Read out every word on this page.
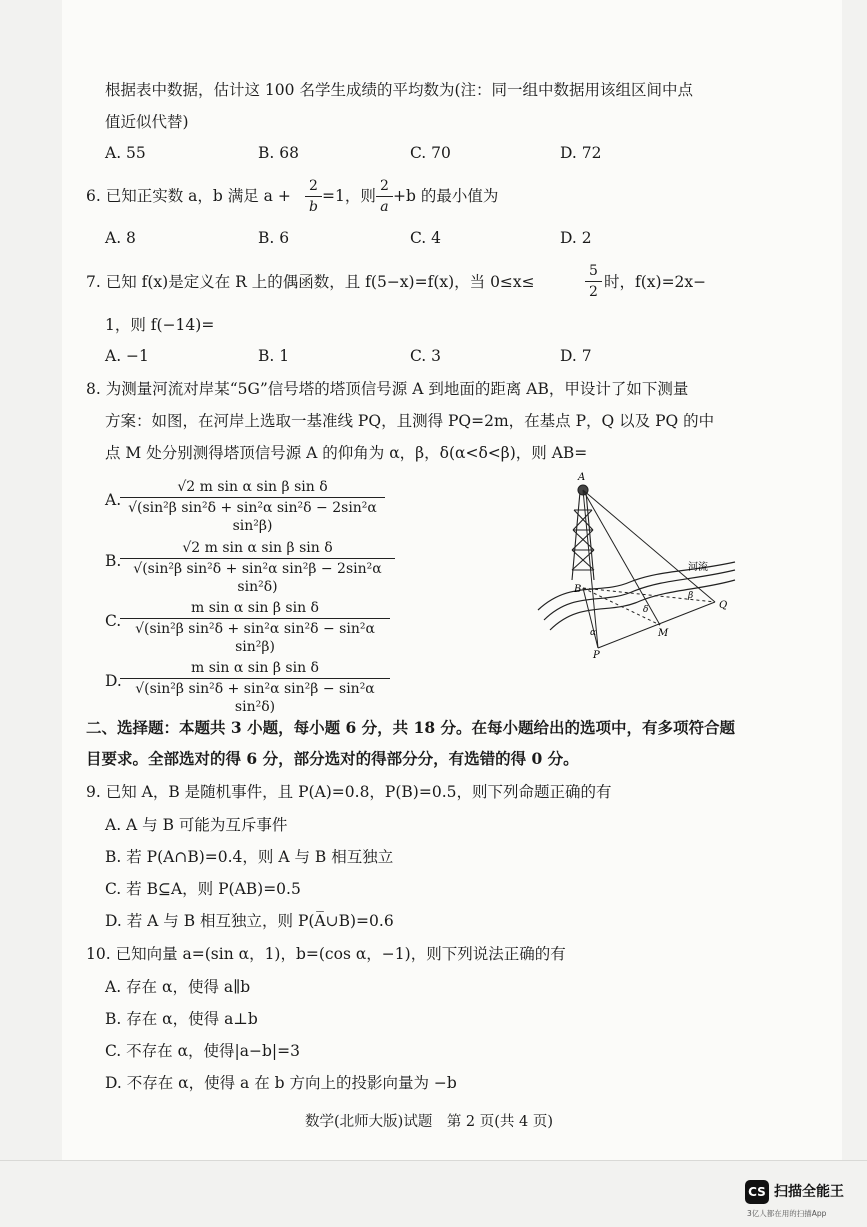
根据表中数据，估计这 100 名学生成绩的平均数为(注：同一组中数据用该组区间中点
值近似代替)
A. 55	B. 68	C. 70	D. 72
6. 已知正实数 a，b 满足 $a + \frac{2}{b} =1$，则 $\frac{2}{a} +b$ 的最小值为
A. 8	B. 6	C. 4	D. 2
7. 已知 f(x)是定义在 R 上的偶函数，且 f(5−x)=f(x)，当 0≤x≤	$\frac{5}{2}$ 时，f(x)=2x−
1，则 f(−14)=
A. −1	B. 1	C. 3	D. 7
8. 为测量河流对岸某“5G”信号塔的塔顶信号源 A 到地面的距离 AB，甲设计了如下测量
方案：如图，在河岸上选取一基准线 PQ，且测得 PQ=2m，在基点 P，Q 以及 PQ 的中
点 M 处分别测得塔顶信号源 A 的仰角为 α，β，δ(α<δ<β)，则 AB=
A.
$\frac{\text{√2 m sin α sin β sin δ}}{\text{√(sin²β sin²δ + sin²α sin²δ − 2sin²α sin²β)}}$
B.
$\frac{\text{√2 m sin α sin β sin δ}}{\text{√(sin²β sin²δ + sin²α sin²β − 2sin²α sin²δ)}}$
C.
$\frac{\text{m sin α sin β sin δ}}{\text{√(sin²β sin²δ + sin²α sin²δ − sin²α sin²β)}}$
D.
$\frac{\text{m sin α sin β sin δ}}{\text{√(sin²β sin²δ + sin²α sin²β − sin²α sin²δ)}}$
A
B
P
Q
M
河流
α
β
δ
二、选择题：本题共 3 小题，每小题 6 分，共 18 分。在每小题给出的选项中，有多项符合题
目要求。全部选对的得 6 分，部分选对的得部分分，有选错的得 0 分。
9. 已知 A，B 是随机事件，且 P(A)=0.8，P(B)=0.5，则下列命题正确的有
A. A 与 B 可能为互斥事件
B. 若 P(A∩B)=0.4，则 A 与 B 相互独立
C. 若 B⊆A，则 P(AB)=0.5
D. 若 A 与 B 相互独立，则 P(A̅∪B)=0.6
10. 已知向量 a=(sin α，1)，b=(cos α，−1)，则下列说法正确的有
A. 存在 α，使得 a∥b
B. 存在 α，使得 a⊥b
C. 不存在 α，使得|a−b|=3
D. 不存在 α，使得 a 在 b 方向上的投影向量为 −b
数学(北师大版)试题　第 2 页(共 4 页)
CS 扫描全能王
3亿人都在用的扫描App
